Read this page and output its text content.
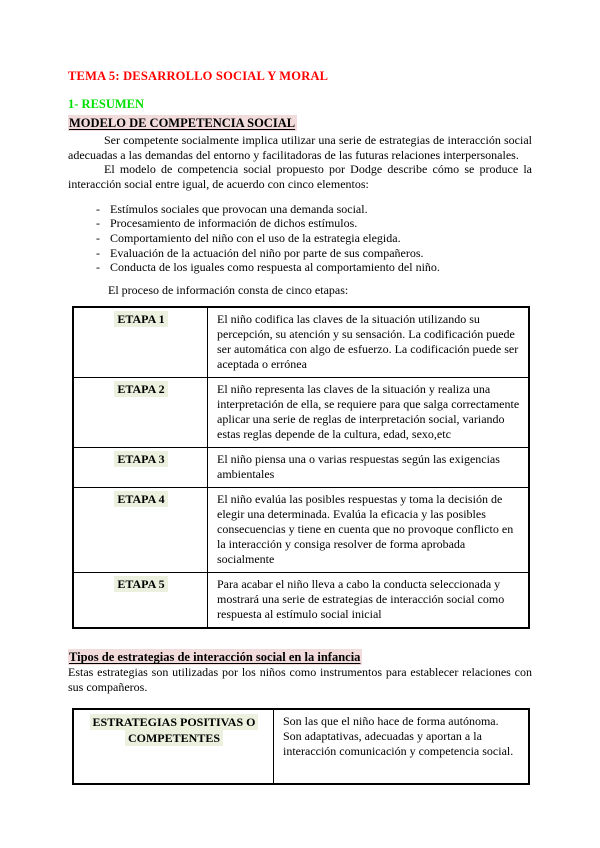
TEMA 5: DESARROLLO SOCIAL Y MORAL
1- RESUMEN
MODELO DE COMPETENCIA SOCIAL

Ser competente socialmente implica utilizar una serie de estrategias de interacción social adecuadas a las demandas del entorno y facilitadoras de las futuras relaciones interpersonales.

El modelo de competencia social propuesto por Dodge describe cómo se produce la interacción social entre igual, de acuerdo con cinco elementos:

- Estímulos sociales que provocan una demanda social.
- Procesamiento de información de dichos estímulos.
- Comportamiento del niño con el uso de la estrategia elegida.
- Evaluación de la actuación del niño por parte de sus compañeros.
- Conducta de los iguales como respuesta al comportamiento del niño.

El proceso de información consta de cinco etapas:

ETAPA 1	El niño codifica las claves de la situación utilizando su percepción, su atención y su sensación. La codificación puede ser automática con algo de esfuerzo. La codificación puede ser aceptada o errónea
ETAPA 2	El niño representa las claves de la situación y realiza una interpretación de ella, se requiere para que salga correctamente aplicar una serie de reglas de interpretación social, variando estas reglas depende de la cultura, edad, sexo,etc
ETAPA 3	El niño piensa una o varias respuestas según las exigencias ambientales
ETAPA 4	El niño evalúa las posibles respuestas y toma la decisión de elegir una determinada. Evalúa la eficacia y las posibles consecuencias y tiene en cuenta que no provoque conflicto en la interacción y consiga resolver de forma aprobada socialmente
ETAPA 5	Para acabar el niño lleva a cabo la conducta seleccionada y mostrará una serie de estrategias de interacción social como respuesta al estímulo social inicial
Tipos de estrategias de interacción social en la infancia

Estas estrategias son utilizadas por los niños como instrumentos para establecer relaciones con sus compañeros.

ESTRATEGIAS POSITIVAS O COMPETENTES	Son las que el niño hace de forma autónoma. Son adaptativas, adecuadas y aportan a la interacción comunicación y competencia social.
